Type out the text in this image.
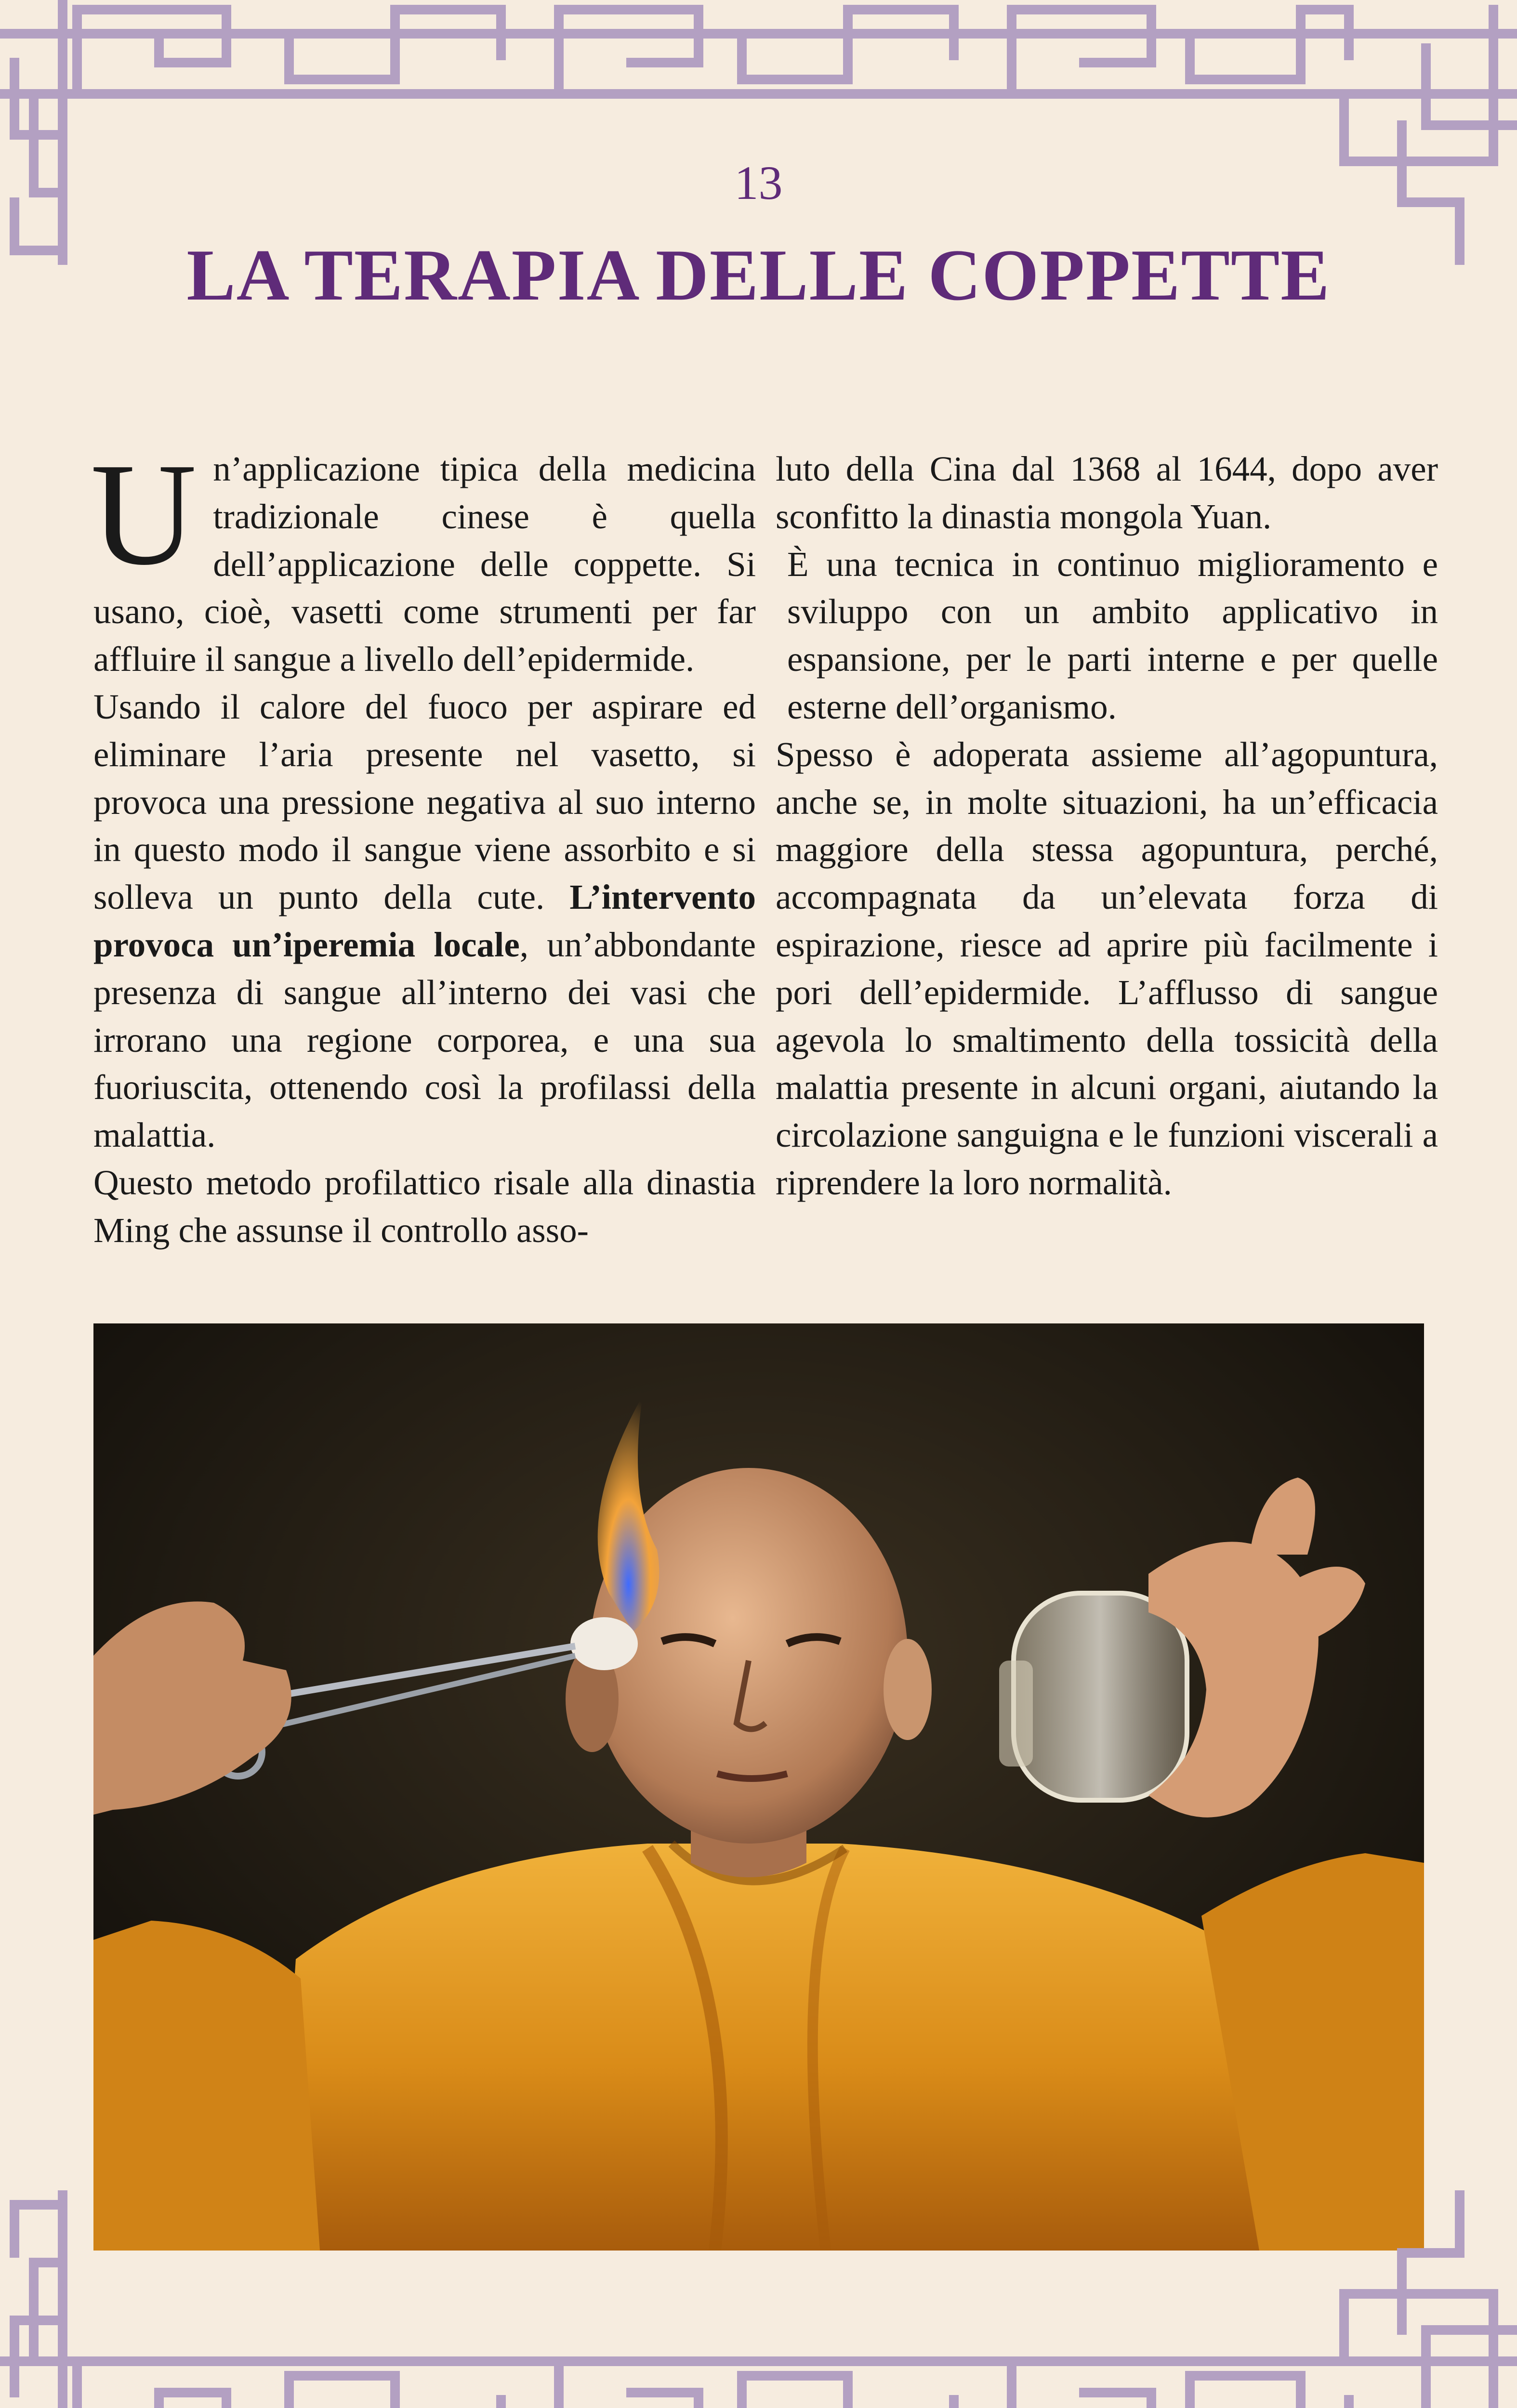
13
LA TERAPIA DELLE COPPETTE

Un’applicazione tipica della medicina tradizionale cinese è quella dell’applicazione delle coppette. Si usano, cioè, vasetti come strumenti per far affluire il sangue a livello dell’epidermide.

Usando il calore del fuoco per aspirare ed eliminare l’aria presente nel vasetto, si provoca una pressione negativa al suo interno in questo modo il sangue viene assorbito e si solleva un punto della cute. L’intervento provoca un’iperemia locale, un’abbondante presenza di sangue all’interno dei vasi che irrorano una regione corporea, e una sua fuoriuscita, ottenendo così la profilassi della malattia.

Questo metodo profilattico risale alla dinastia Ming che assunse il controllo asso-

luto della Cina dal 1368 al 1644, dopo aver sconfitto la dinastia mongola Yuan.

È una tecnica in continuo miglioramento e sviluppo con un ambito applicativo in espansione, per le parti interne e per quelle esterne dell’organismo.

Spesso è adoperata assieme all’agopuntura, anche se, in molte situazioni, ha un’efficacia maggiore della stessa agopuntura, perché, accompagnata da un’elevata forza di espirazione, riesce ad aprire più facilmente i pori dell’epidermide. L’afflusso di sangue agevola lo smaltimento della tossicità della malattia presente in alcuni organi, aiutando la circolazione sanguigna e le funzioni viscerali a riprendere la loro normalità.
